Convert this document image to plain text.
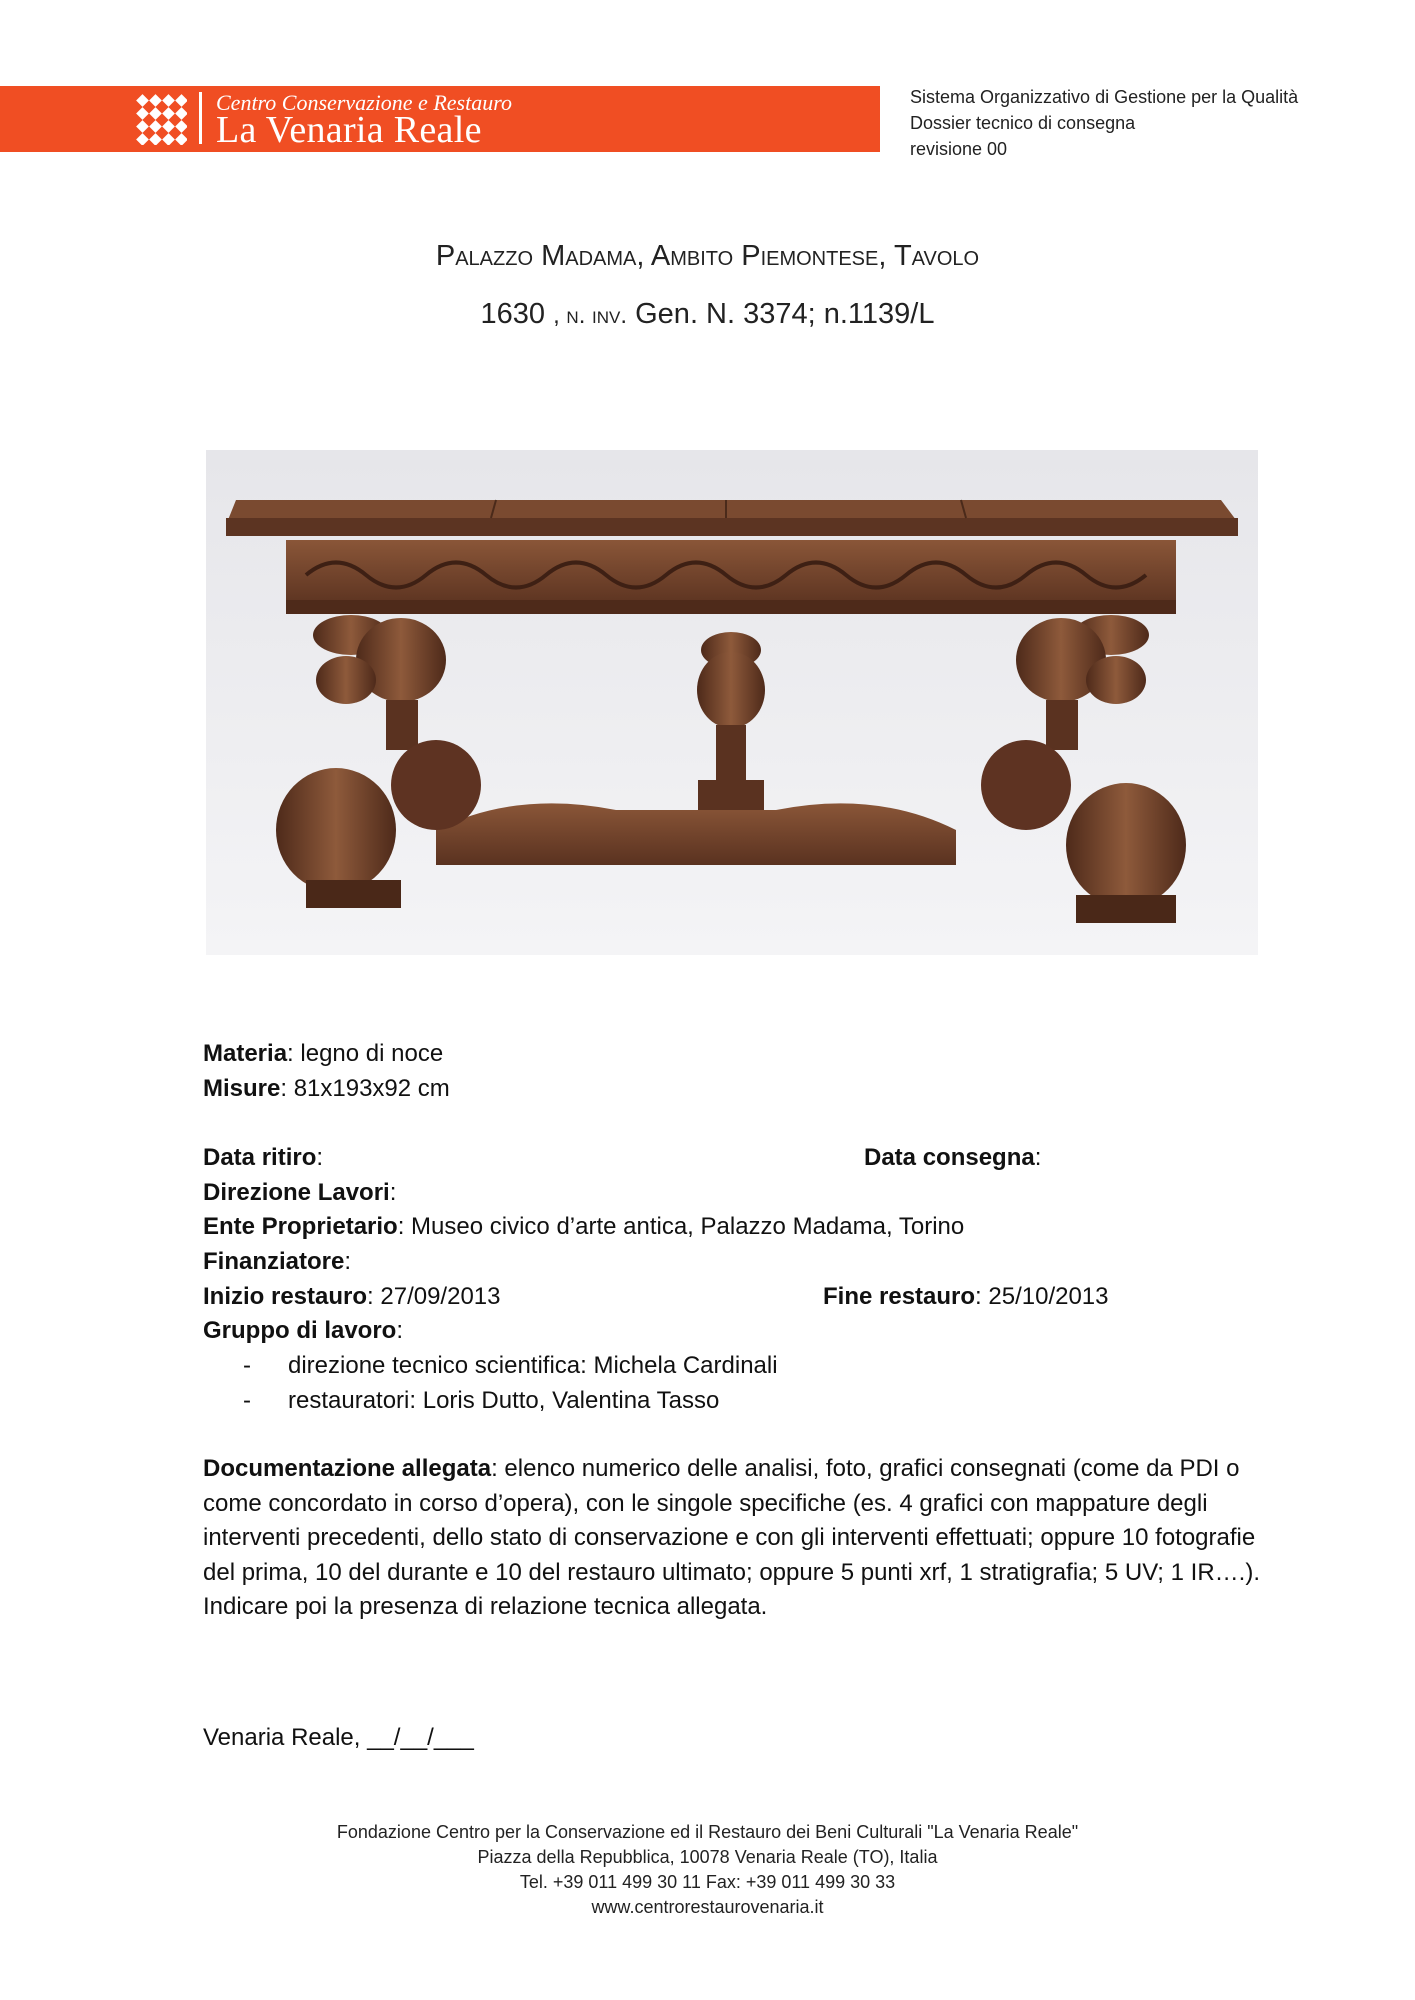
Centro Conservazione e Restauro
La Venaria Reale
Sistema Organizzativo di Gestione per la Qualità
Dossier tecnico di consegna
revisione 00
Palazzo Madama, Ambito Piemontese, Tavolo
1630 , n. inv. Gen. N. 3374; n.1139/L
Materia: legno di noce
Misure: 81x193x92 cm
Data ritiro:	Data consegna:
Direzione Lavori:
Ente Proprietario: Museo civico d’arte antica, Palazzo Madama, Torino
Finanziatore:
Inizio restauro: 27/09/2013	Fine restauro: 25/10/2013
Gruppo di lavoro:
- direzione tecnico scientifica: Michela Cardinali
- restauratori: Loris Dutto, Valentina Tasso
Documentazione allegata: elenco numerico delle analisi, foto, grafici consegnati (come da PDI o come concordato in corso d’opera), con le singole specifiche (es. 4 grafici con mappature degli interventi precedenti, dello stato di conservazione e con gli interventi effettuati; oppure 10 fotografie del prima, 10 del durante e 10 del restauro ultimato; oppure 5 punti xrf, 1 stratigrafia; 5 UV; 1 IR….). Indicare poi la presenza di relazione tecnica allegata.
Venaria Reale, __/__/___
Fondazione Centro per la Conservazione ed il Restauro dei Beni Culturali "La Venaria Reale"
Piazza della Repubblica, 10078 Venaria Reale (TO), Italia
Tel. +39 011 499 30 11 Fax: +39 011 499 30 33
www.centrorestaurovenaria.it
